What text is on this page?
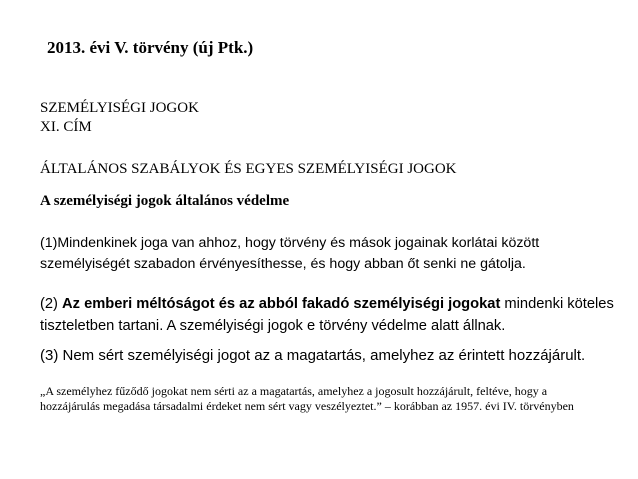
2013. évi V. törvény (új Ptk.)
SZEMÉLYISÉGI JOGOK
XI. CÍM
ÁLTALÁNOS SZABÁLYOK ÉS EGYES SZEMÉLYISÉGI JOGOK
A személyiségi jogok általános védelme
(1)Mindenkinek joga van ahhoz, hogy törvény és mások jogainak korlátai között
személyiségét szabadon érvényesíthesse, és hogy abban őt senki ne gátolja.
(2) Az emberi méltóságot és az abból fakadó személyiségi jogokat mindenki köteles
tiszteletben tartani. A személyiségi jogok e törvény védelme alatt állnak.
(3) Nem sért személyiségi jogot az a magatartás, amelyhez az érintett hozzájárult.
„A személyhez fűződő jogokat nem sérti az a magatartás, amelyhez a jogosult hozzájárult, feltéve, hogy a
hozzájárulás megadása társadalmi érdeket nem sért vagy veszélyeztet.” – korábban az 1957. évi IV. törvényben
